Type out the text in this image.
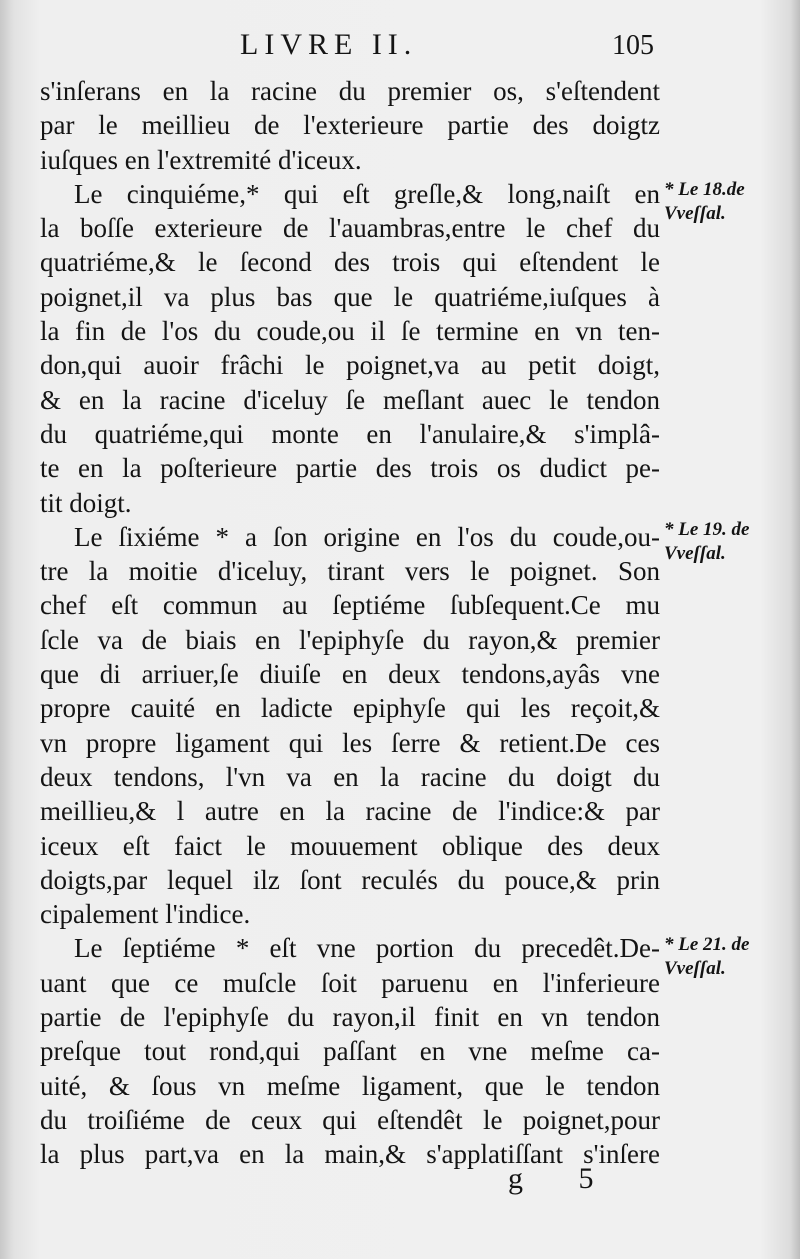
LIVRE II.	105
s'inſerans en la racine du premier os, s'eſtendent
par le meillieu de l'exterieure partie des doigtz
iuſques en l'extremité d'iceux.
Le cinquiéme,* qui eſt greſle,& long,naiſt en
la boſſe exterieure de l'auambras,entre le chef du
quatriéme,& le ſecond des trois qui eſtendent le
poignet,il va plus bas que le quatriéme,iuſques à
la fin de l'os du coude,ou il ſe termine en vn ten-
don,qui auoir frâchi le poignet,va au petit doigt,
& en la racine d'iceluy ſe meſlant auec le tendon
du quatriéme,qui monte en l'anulaire,& s'implâ-
te en la poſterieure partie des trois os dudict pe-
tit doigt.
Le ſixiéme * a ſon origine en l'os du coude,ou-
tre la moitie d'iceluy, tirant vers le poignet. Son
chef eſt commun au ſeptiéme ſubſequent.Ce mu
ſcle va de biais en l'epiphyſe du rayon,& premier
que di arriuer,ſe diuiſe en deux tendons,ayâs vne
propre cauité en ladicte epiphyſe qui les reçoit,&
vn propre ligament qui les ſerre & retient.De ces
deux tendons, l'vn va en la racine du doigt du
meillieu,& l autre en la racine de l'indice:& par
iceux eſt faict le mouuement oblique des deux
doigts,par lequel ilz ſont reculés du pouce,& prin
cipalement l'indice.
Le ſeptiéme * eſt vne portion du precedêt.De-
uant que ce muſcle ſoit paruenu en l'inferieure
partie de l'epiphyſe du rayon,il finit en vn tendon
preſque tout rond,qui paſſant en vne meſme ca-
uité, & ſous vn meſme ligament, que le tendon
du troiſiéme de ceux qui eſtendêt le poignet,pour
la plus part,va en la main,& s'applatiſſant s'inſere
* Le 18.de
Vveſſal.
* Le 19. de
Vveſſal.
* Le 21. de
Vveſſal.
g 5
